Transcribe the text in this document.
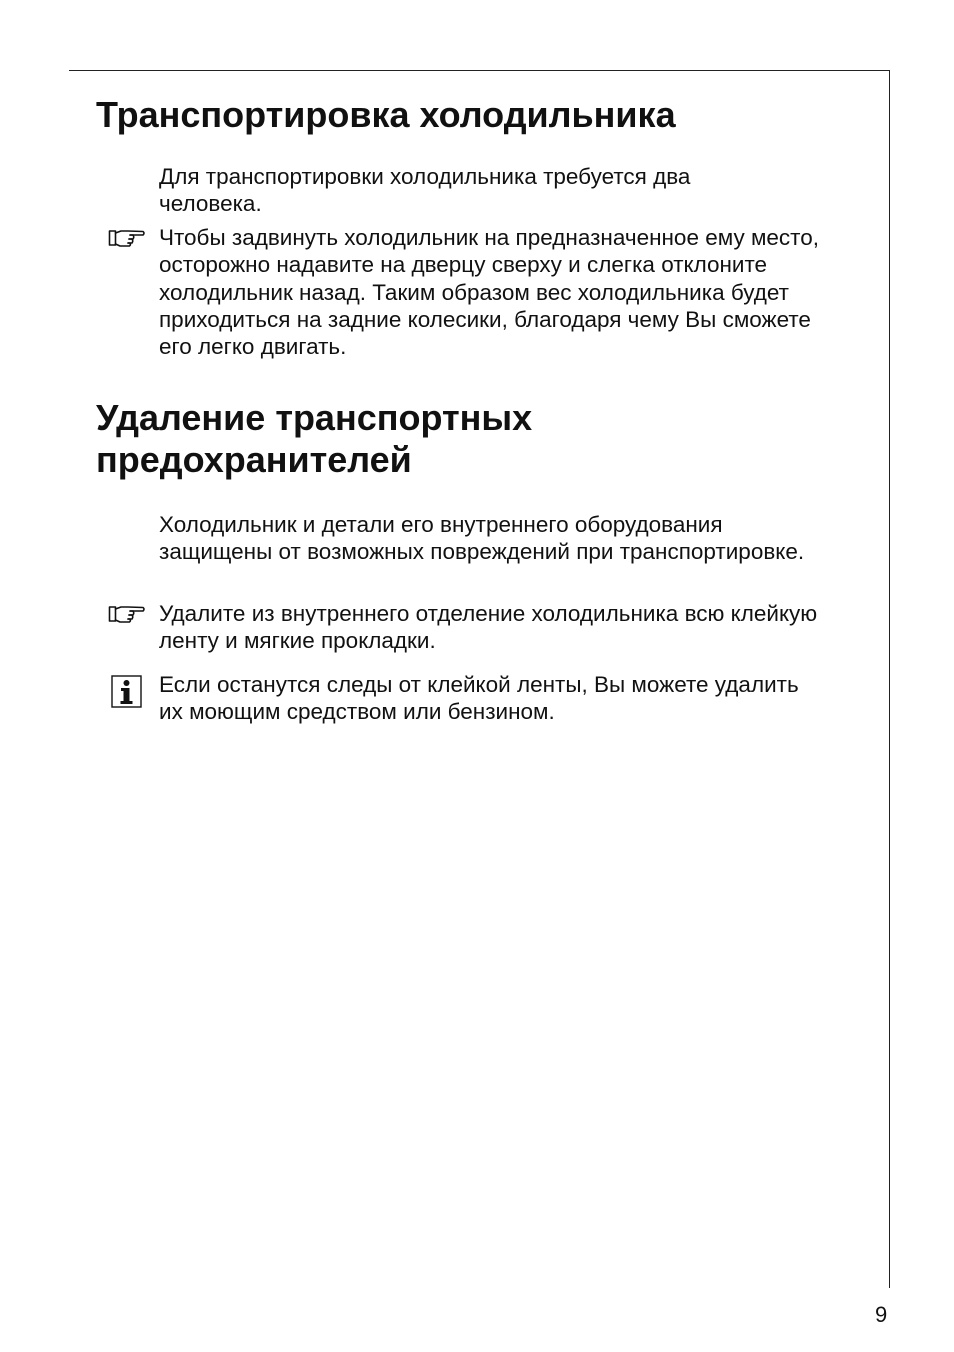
Транспортировка холодильника

Для транспортировки холодильника требуется два человека.

Чтобы задвинуть холодильник на предназначенное ему место, осторожно надавите на дверцу сверху и слегка отклоните холодильник назад. Таким образом вес холодильника будет приходиться на задние колесики, благодаря чему Вы сможете его легко двигать.

Удаление транспортных
предохранителей

Холодильник и детали его внутреннего оборудования защищены от возможных повреждений при транспортировке.

Удалите из внутреннего отделение холодильника всю клейкую ленту и мягкие прокладки.

Если останутся следы от клейкой ленты, Вы можете удалить их моющим средством или бензином.

9
